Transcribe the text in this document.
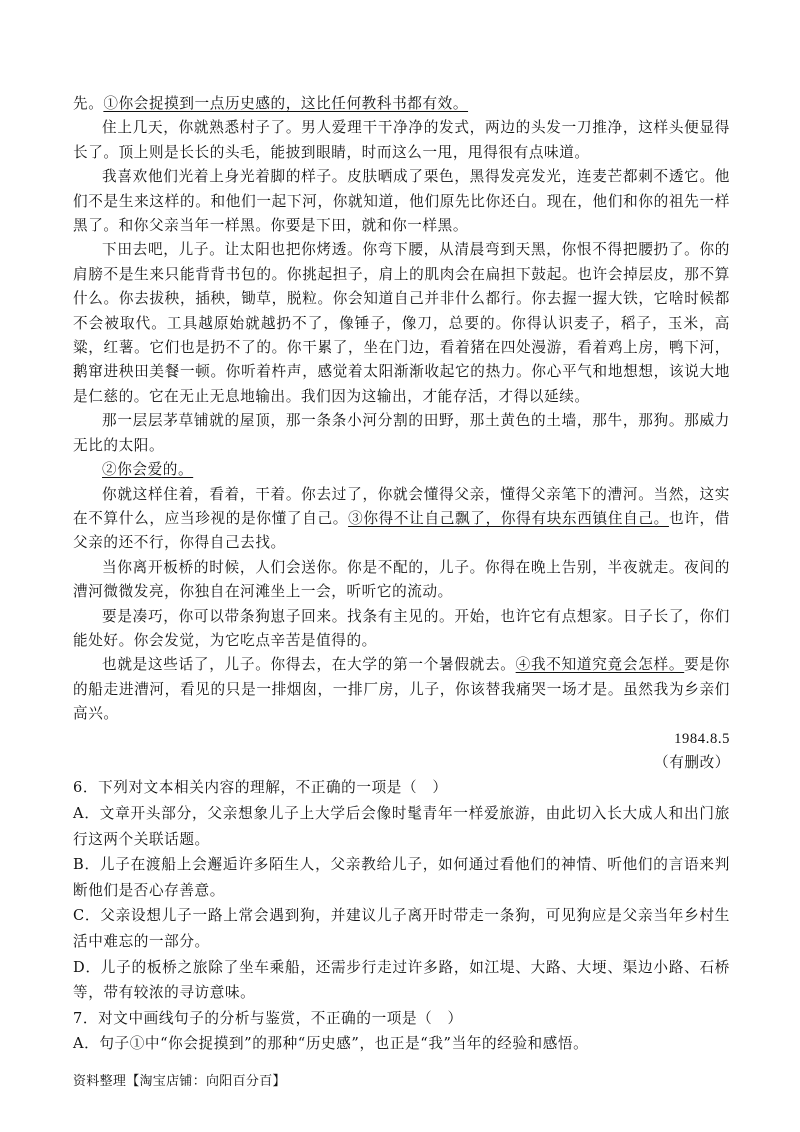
先。①你会捉摸到一点历史感的，这比任何教科书都有效。

住上几天，你就熟悉村子了。男人爱理干干净净的发式，两边的头发一刀推净，这样头便显得长了。顶上则是长长的头毛，能披到眼睛，时而这么一甩，甩得很有点味道。

我喜欢他们光着上身光着脚的样子。皮肤晒成了栗色，黑得发亮发光，连麦芒都刺不透它。他们不是生来这样的。和他们一起下河，你就知道，他们原先比你还白。现在，他们和你的祖先一样黑了。和你父亲当年一样黑。你要是下田，就和你一样黑。

下田去吧，儿子。让太阳也把你烤透。你弯下腰，从清晨弯到天黑，你恨不得把腰扔了。你的肩膀不是生来只能背背书包的。你挑起担子，肩上的肌肉会在扁担下鼓起。也许会掉层皮，那不算什么。你去拔秧，插秧，锄草，脱粒。你会知道自己并非什么都行。你去握一握大铁，它啥时候都不会被取代。工具越原始就越扔不了，像锤子，像刀，总要的。你得认识麦子，稻子，玉米，高粱，红薯。它们也是扔不了的。你干累了，坐在门边，看着猪在四处漫游，看着鸡上房，鸭下河，鹅窜进秧田美餐一顿。你听着杵声，感觉着太阳渐渐收起它的热力。你心平气和地想想，该说大地是仁慈的。它在无止无息地输出。我们因为这输出，才能存活，才得以延续。

那一层层茅草铺就的屋顶，那一条条小河分割的田野，那土黄色的土墙，那牛，那狗。那威力无比的太阳。

②你会爱的。

你就这样住着，看着，干着。你去过了，你就会懂得父亲，懂得父亲笔下的漕河。当然，这实在不算什么，应当珍视的是你懂了自己。③你得不让自己飘了，你得有块东西镇住自己。也许，借父亲的还不行，你得自己去找。

当你离开板桥的时候，人们会送你。你是不配的，儿子。你得在晚上告别，半夜就走。夜间的漕河微微发亮，你独自在河滩坐上一会，听听它的流动。

要是凑巧，你可以带条狗崽子回来。找条有主见的。开始，也许它有点想家。日子长了，你们能处好。你会发觉，为它吃点辛苦是值得的。

也就是这些话了，儿子。你得去，在大学的第一个暑假就去。④我不知道究竟会怎样。要是你的船走进漕河，看见的只是一排烟囱，一排厂房，儿子，你该替我痛哭一场才是。虽然我为乡亲们高兴。

1984.8.5

（有删改）

6．下列对文本相关内容的理解，不正确的一项是（　）

A．文章开头部分，父亲想象儿子上大学后会像时髦青年一样爱旅游，由此切入长大成人和出门旅行这两个关联话题。

B．儿子在渡船上会邂逅许多陌生人，父亲教给儿子，如何通过看他们的神情、听他们的言语来判断他们是否心存善意。

C．父亲设想儿子一路上常会遇到狗，并建议儿子离开时带走一条狗，可见狗应是父亲当年乡村生活中难忘的一部分。

D．儿子的板桥之旅除了坐车乘船，还需步行走过许多路，如江堤、大路、大埂、渠边小路、石桥等，带有较浓的寻访意味。

7．对文中画线句子的分析与鉴赏，不正确的一项是（　）

A．句子①中“你会捉摸到”的那种“历史感”，也正是“我”当年的经验和感悟。

资料整理【淘宝店铺：向阳百分百】
